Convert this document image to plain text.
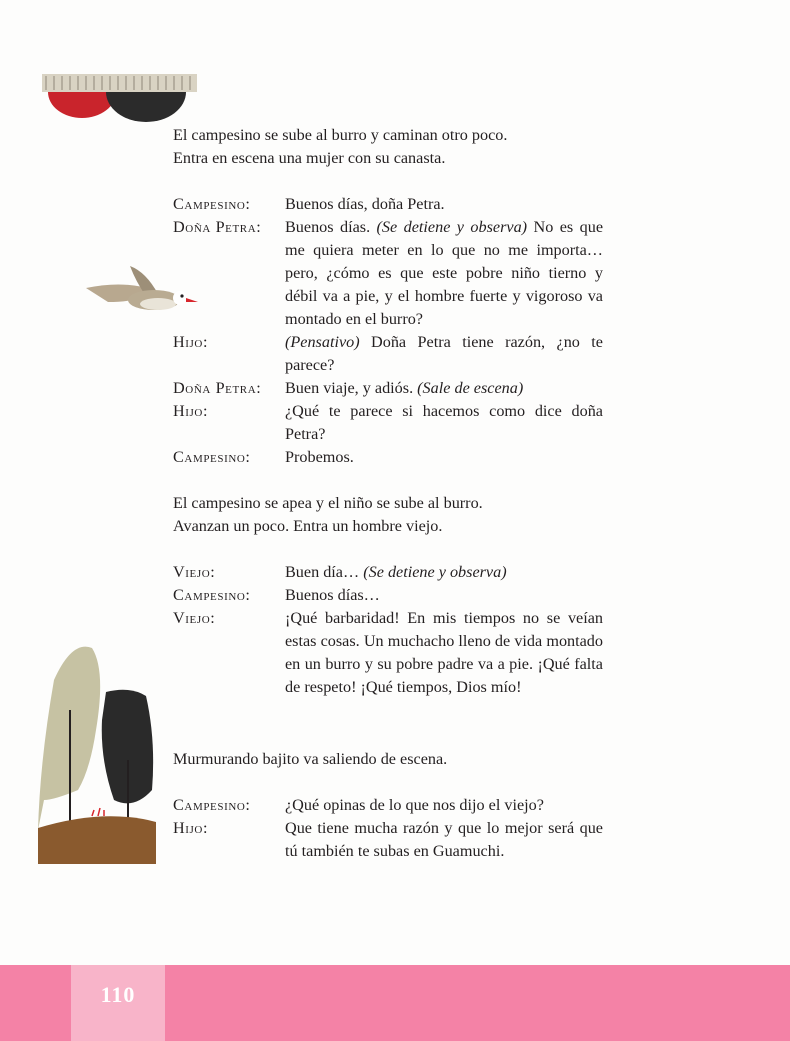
El campesino se sube al burro y caminan otro poco.

Entra en escena una mujer con su canasta.

Campesino:	Buenos días, doña Petra.
Doña Petra:	Buenos días. (Se detiene y observa) No es que me quiera meter en lo que no me importa… pero, ¿cómo es que este pobre niño tierno y débil va a pie, y el hombre fuerte y vigoroso va montado en el burro?
Hijo:	(Pensativo) Doña Petra tiene razón, ¿no te parece?
Doña Petra:	Buen viaje, y adiós. (Sale de escena)
Hijo:	¿Qué te parece si hacemos como dice doña Petra?
Campesino:	Probemos.

El campesino se apea y el niño se sube al burro.

Avanzan un poco. Entra un hombre viejo.

Viejo:	Buen día… (Se detiene y observa)
Campesino:	Buenos días…
Viejo:	¡Qué barbaridad! En mis tiempos no se veían estas cosas. Un muchacho lleno de vida montado en un burro y su pobre padre va a pie. ¡Qué falta de respeto! ¡Qué tiempos, Dios mío!

Murmurando bajito va saliendo de escena.

Campesino:	¿Qué opinas de lo que nos dijo el viejo?
Hijo:	Que tiene mucha razón y que lo mejor será que tú también te subas en Guamuchi.
110
